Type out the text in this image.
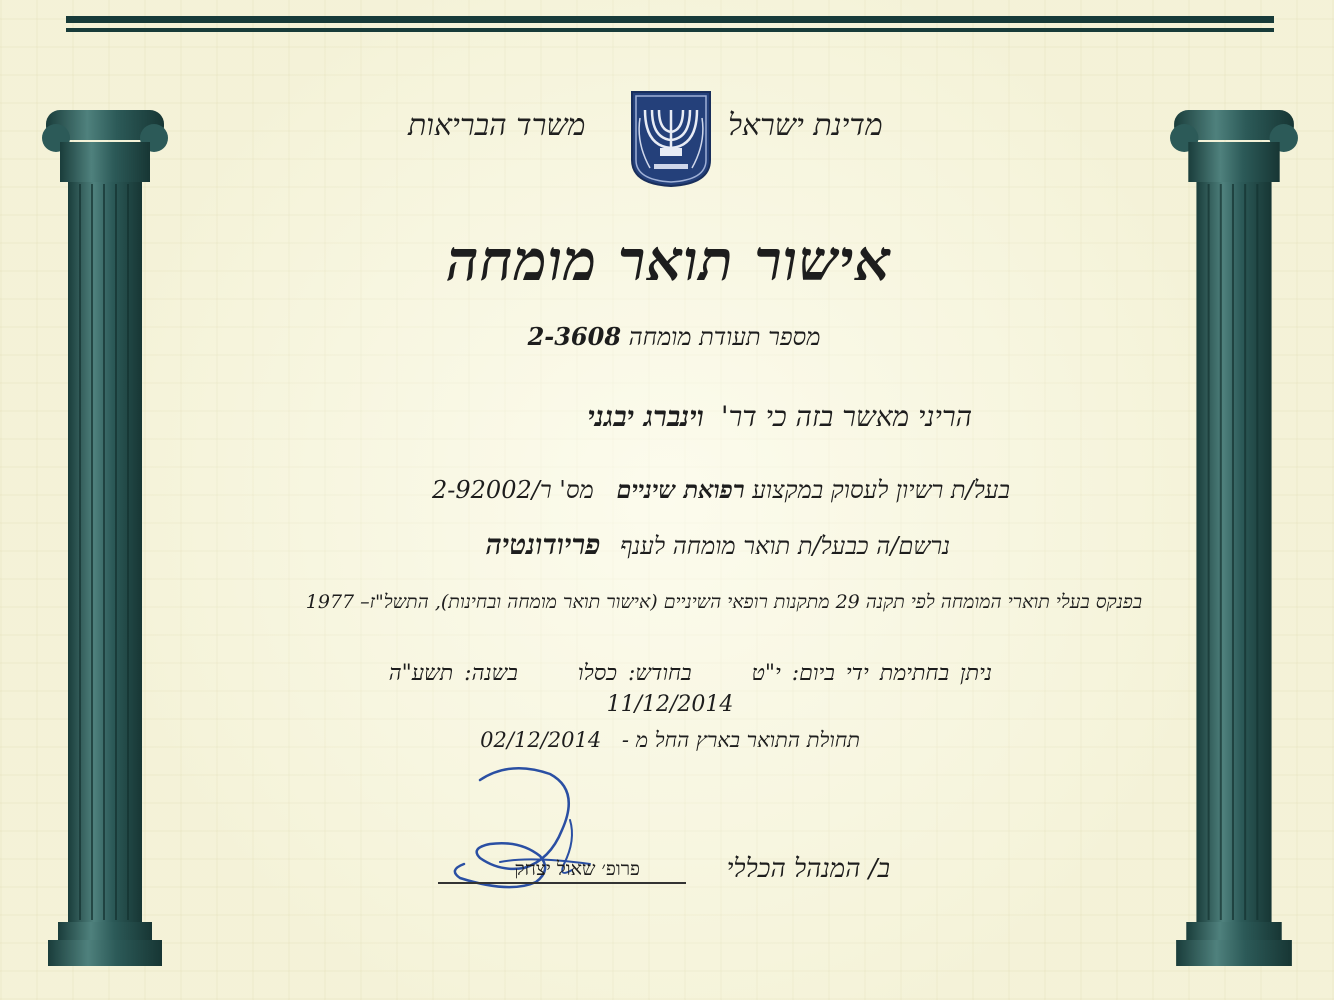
מדינת ישראל
משרד הבריאות
אישור תואר מומחה
מספר תעודת מומחה 2-3608
הריני מאשר בזה כי דר' וינברג יבגני
בעל/ת רשיון לעסוק במקצוע רפואת שיניים   מס' ר/2-92002
נרשם/ה כבעל/ת תואר מומחה לענף פריודונטיה
בפנקס בעלי תוארי המומחה לפי תקנה 29 מתקנות רופאי השיניים (אישור תואר מומחה ובחינות), התשל"ז– 1977
ניתן בחתימת ידי ביום: י"טבחודש: כסלובשנה: תשע"ה
11/12/2014
תחולת התואר בארץ החל מ - 02/12/2014
פרופ׳ שאול יצחק	ב/ המנהל הכללי
